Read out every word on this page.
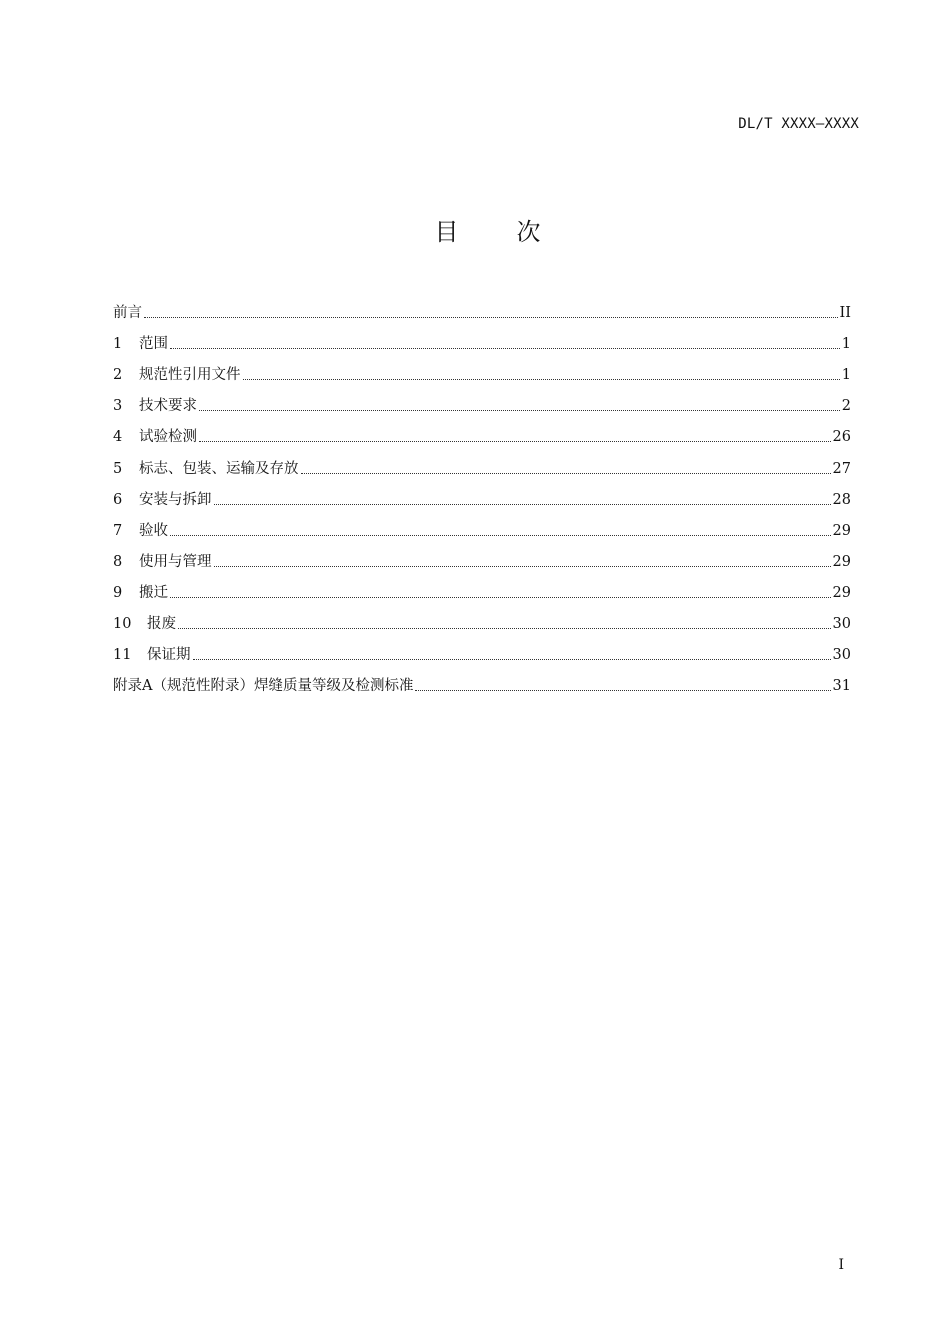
DL/T XXXX—XXXX
目 次
前言	II
1	范围	1
2	规范性引用文件	1
3	技术要求	2
4	试验检测	26
5	标志、包装、运输及存放	27
6	安装与拆卸	28
7	验收	29
8	使用与管理	29
9	搬迁	29
10	报废	30
11	保证期	30
附录A（规范性附录）焊缝质量等级及检测标准	31
I
